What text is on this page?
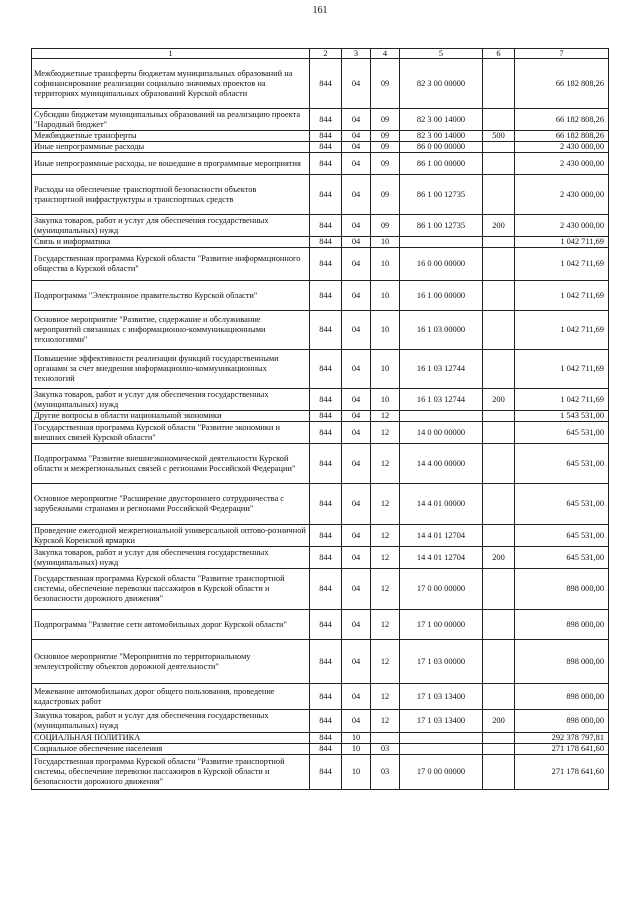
161
1	2	3	4	5	6	7
Межбюджетные трансферты бюджетам муниципальных образований на софинансирование реализации социально значимых проектов на территориях муниципальных образований Курской области	844	04	09	82 3 00 00000		66 182 808,26
Субсидии бюджетам муниципальных образований на реализацию проекта "Народный бюджет"	844	04	09	82 3 00 14000		66 182 808,26
Межбюджетные трансферты	844	04	09	82 3 00 14000	500	66 182 808,26
Иные непрограммные расходы	844	04	09	86 0 00 00000		2 430 000,00
Иные непрограммные расходы, не вошедшие в программные мероприятия	844	04	09	86 1 00 00000		2 430 000,00
Расходы на обеспечение транспортной безопасности объектов транспортной инфраструктуры и транспортных средств	844	04	09	86 1 00 12735		2 430 000,00
Закупка товаров, работ и услуг для обеспечения государственных (муниципальных) нужд	844	04	09	86 1 00 12735	200	2 430 000,00
Связь и информатика	844	04	10			1 042 711,69
Государственная программа Курской области "Развитие информационного общества в Курской области"	844	04	10	16 0 00 00000		1 042 711,69
Подпрограмма "Электронное правительство Курской области"	844	04	10	16 1 00 00000		1 042 711,69
Основное мероприятие "Развитие, содержание и обслуживание мероприятий связанных с информационно-коммуникационными технологиями"	844	04	10	16 1 03 00000		1 042 711,69
Повышение эффективности реализации функций государственными органами за счет внедрения информационно-коммуникационных технологий	844	04	10	16 1 03 12744		1 042 711,69
Закупка товаров, работ и услуг для обеспечения государственных (муниципальных) нужд	844	04	10	16 1 03 12744	200	1 042 711,69
Другие вопросы в области национальной экономики	844	04	12			1 543 531,00
Государственная программа Курской области "Развитие экономики и внешних связей Курской области"	844	04	12	14 0 00 00000		645 531,00
Подпрограмма "Развитие внешнеэкономической деятельности Курской области и межрегиональных связей с регионами Российской Федерации"	844	04	12	14 4 00 00000		645 531,00
Основное мероприятие "Расширение двустороннего сотрудничества с зарубежными странами и регионами Российской Федерации"	844	04	12	14 4 01 00000		645 531,00
Проведение ежегодной межрегиональной универсальной оптово-розничной Курской Коренской ярмарки	844	04	12	14 4 01 12704		645 531,00
Закупка товаров, работ и услуг для обеспечения государственных (муниципальных) нужд	844	04	12	14 4 01 12704	200	645 531,00
Государственная программа Курской области "Развитие транспортной системы, обеспечение перевозки пассажиров в Курской области и безопасности дорожного движения"	844	04	12	17 0 00 00000		898 000,00
Подпрограмма "Развитие сети автомобильных дорог Курской области"	844	04	12	17 1 00 00000		898 000,00
Основное мероприятие "Мероприятия по территориальному землеустройству объектов дорожной деятельности"	844	04	12	17 1 03 00000		898 000,00
Межевание автомобильных дорог общего пользования, проведение кадастровых работ	844	04	12	17 1 03 13400		898 000,00
Закупка товаров, работ и услуг для обеспечения государственных (муниципальных) нужд	844	04	12	17 1 03 13400	200	898 000,00
СОЦИАЛЬНАЯ ПОЛИТИКА	844	10				292 378 797,81
Социальное обеспечение населения	844	10	03			271 178 641,60
Государственная программа Курской области "Развитие транспортной системы, обеспечение перевозки пассажиров в Курской области и безопасности дорожного движения"	844	10	03	17 0 00 00000		271 178 641,60
